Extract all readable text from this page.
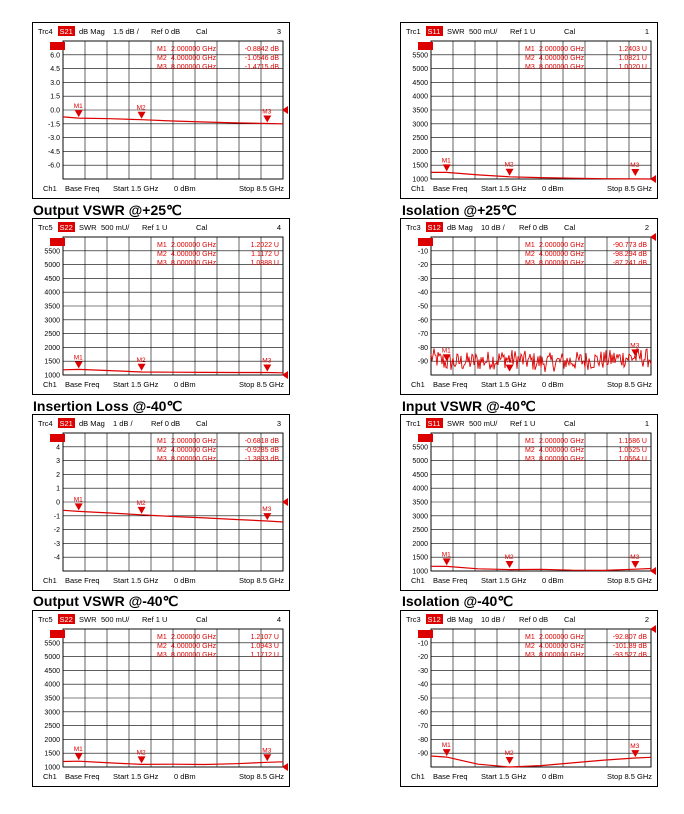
Output VSWR @+25℃	Isolation @+25℃
Insertion Loss @-40℃	Input VSWR @-40℃
Output VSWR @-40℃	Isolation @-40℃
Trc4 S21 dB Mag 1.5 dB / Ref 0 dB Cal	3
6.0
4.5
3.0
1.5
0.0
-1.5
-3.0
-4.5
-6.0
M1	M2
M3
M1 2.000000 GHz	-0.8842 dB
M2 4.000000 GHz	-1.0546 dB
M3 8.000000 GHz	-1.4715 dB
Ch1 Base Freq Start 1.5 GHz 0 dBm	Stop 8.5 GHz
Trc1 S11 SWR 500 mU/ Ref 1 U	Cal	1
5500
5000
4500
4000
3500
3000
2500
2000
1500
1000
M1
M2	M3
M1 2.000000 GHz	1.2403 U
M2 4.000000 GHz	1.0821 U
M3 8.000000 GHz	1.0020 U
Ch1 Base Freq Start 1.5 GHz 0 dBm	Stop 8.5 GHz
Trc5 S22 SWR 500 mU/ Ref 1 U	Cal	4
5500
5000
4500
4000
3500
3000
2500
2000
1500
1000
M1	M2	M3
M1 2.000000 GHz	1.2022 U
M2 4.000000 GHz	1.1172 U
M3 8.000000 GHz	1.0888 U
Ch1 Base Freq Start 1.5 GHz 0 dBm	Stop 8.5 GHz
Trc3 S12 dB Mag 10 dB / Ref 0 dB Cal	2
-10
-20
-30
-40
-50
-60
-70
-80
-90
M1
M2
M3
M1 2.000000 GHz	-90.773 dB
M2 4.000000 GHz	-98.294 dB
M3 8.000000 GHz	-87.241 dB
Ch1 Base Freq Start 1.5 GHz 0 dBm	Stop 8.5 GHz
Trc4 S21 dB Mag 1 dB / Ref 0 dB Cal	3
4
3
2
1
0
-1
-2
-3
-4
M1	M2
M3
M1 2.000000 GHz	-0.6818 dB
M2 4.000000 GHz	-0.9285 dB
M3 8.000000 GHz	-1.3833 dB
Ch1 Base Freq Start 1.5 GHz 0 dBm	Stop 8.5 GHz
Trc1 S11 SWR 500 mU/ Ref 1 U	Cal	1
5500
5000
4500
4000
3500
3000
2500
2000
1500
1000
M1	M2	M3
M1 2.000000 GHz	1.1686 U
M2 4.000000 GHz	1.0525 U
M3 8.000000 GHz	1.0664 U
Ch1 Base Freq Start 1.5 GHz 0 dBm	Stop 8.5 GHz
Trc5 S22 SWR 500 mU/ Ref 1 U	Cal	4
5500
5000
4500
4000
3500
3000
2500
2000
1500
1000
M1	M2	M3
M1 2.000000 GHz	1.2107 U
M2 4.000000 GHz	1.0943 U
M3 8.000000 GHz	1.1712 U
Ch1 Base Freq Start 1.5 GHz 0 dBm	Stop 8.5 GHz
Trc3 S12 dB Mag 10 dB / Ref 0 dB Cal	2
-10
-20
-30
-40
-50
-60
-70
-80
-90
M1
M2
M3
M1 2.000000 GHz	-92.807 dB
M2 4.000000 GHz	-101.89 dB
M3 8.000000 GHz	-93.527 dB
Ch1 Base Freq Start 1.5 GHz 0 dBm	Stop 8.5 GHz
